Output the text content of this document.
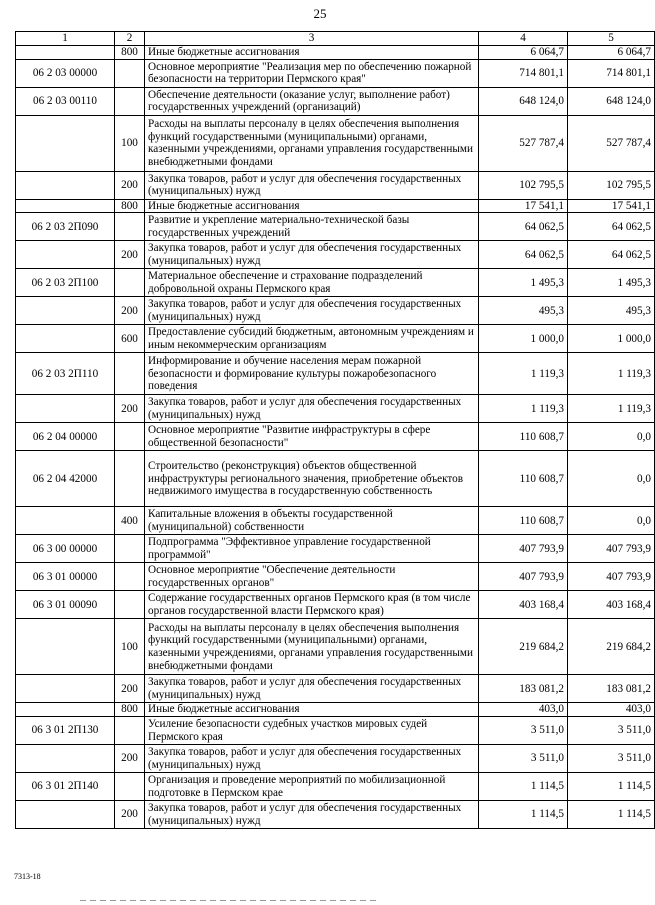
25
1	2	3	4	5
	800	Иные бюджетные ассигнования	6 064,7	6 064,7
06 2 03 00000		Основное мероприятие "Реализация мер по обеспечению пожарной безопасности на территории Пермского края"	714 801,1	714 801,1
06 2 03 00110		Обеспечение деятельности (оказание услуг, выполнение работ) государственных учреждений (организаций)	648 124,0	648 124,0
	100	Расходы на выплаты персоналу в целях обеспечения выполнения функций государственными (муниципальными) органами, казенными учреждениями, органами управления государственными внебюджетными фондами	527 787,4	527 787,4
	200	Закупка товаров, работ и услуг для обеспечения государственных (муниципальных) нужд	102 795,5	102 795,5
	800	Иные бюджетные ассигнования	17 541,1	17 541,1
06 2 03 2П090		Развитие и укрепление материально-технической базы государственных учреждений	64 062,5	64 062,5
	200	Закупка товаров, работ и услуг для обеспечения государственных (муниципальных) нужд	64 062,5	64 062,5
06 2 03 2П100		Материальное обеспечение и страхование подразделений добровольной охраны Пермского края	1 495,3	1 495,3
	200	Закупка товаров, работ и услуг для обеспечения государственных (муниципальных) нужд	495,3	495,3
	600	Предоставление субсидий бюджетным, автономным учреждениям и иным некоммерческим организациям	1 000,0	1 000,0
06 2 03 2П110		Информирование и обучение населения мерам пожарной безопасности и формирование культуры пожаробезопасного поведения	1 119,3	1 119,3
	200	Закупка товаров, работ и услуг для обеспечения государственных (муниципальных) нужд	1 119,3	1 119,3
06 2 04 00000		Основное мероприятие "Развитие инфраструктуры в сфере общественной безопасности"	110 608,7	0,0
06 2 04 42000		Строительство (реконструкция) объектов общественной инфраструктуры регионального значения, приобретение объектов недвижимого имущества в государственную собственность	110 608,7	0,0
	400	Капитальные вложения в объекты государственной (муниципальной) собственности	110 608,7	0,0
06 3 00 00000		Подпрограмма "Эффективное управление государственной программой"	407 793,9	407 793,9
06 3 01 00000		Основное мероприятие "Обеспечение деятельности государственных органов"	407 793,9	407 793,9
06 3 01 00090		Содержание государственных органов Пермского края (в том числе органов государственной власти Пермского края)	403 168,4	403 168,4
	100	Расходы на выплаты персоналу в целях обеспечения выполнения функций государственными (муниципальными) органами, казенными учреждениями, органами управления государственными внебюджетными фондами	219 684,2	219 684,2
	200	Закупка товаров, работ и услуг для обеспечения государственных (муниципальных) нужд	183 081,2	183 081,2
	800	Иные бюджетные ассигнования	403,0	403,0
06 3 01 2П130		Усиление безопасности судебных участков мировых судей Пермского края	3 511,0	3 511,0
	200	Закупка товаров, работ и услуг для обеспечения государственных (муниципальных) нужд	3 511,0	3 511,0
06 3 01 2П140		Организация и проведение мероприятий по мобилизационной подготовке в Пермском крае	1 114,5	1 114,5
	200	Закупка товаров, работ и услуг для обеспечения государственных (муниципальных) нужд	1 114,5	1 114,5
7313-18
